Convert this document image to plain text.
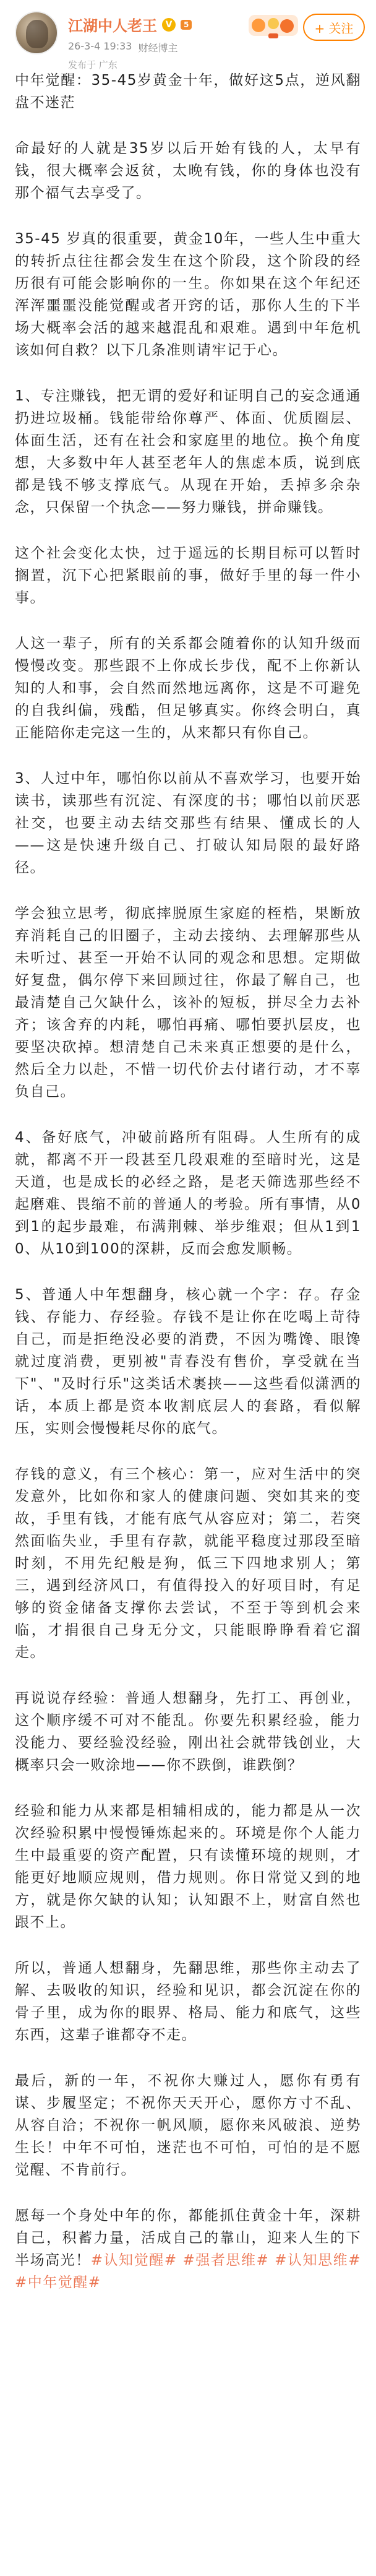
江湖中人老王 V	5
26-3-4 19:33 财经博主
发布于 广东
+ 关注

中年觉醒：35-45岁黄金十年，做好这5点，逆风翻盘不迷茫

命最好的人就是35岁以后开始有钱的人，太早有钱，很大概率会返贫，太晚有钱，你的身体也没有那个福气去享受了。

35-45 岁真的很重要，黄金10年，一些人生中重大的转折点往往都会发生在这个阶段，这个阶段的经历很有可能会影响你的一生。你如果在这个年纪还浑浑噩噩没能觉醒或者开窍的话，那你人生的下半场大概率会活的越来越混乱和艰难。遇到中年危机该如何自救？以下几条准则请牢记于心。

1、专注赚钱，把无谓的爱好和证明自己的妄念通通扔进垃圾桶。钱能带给你尊严、体面、优质圈层、体面生活，还有在社会和家庭里的地位。换个角度想，大多数中年人甚至老年人的焦虑本质，说到底都是钱不够支撑底气。从现在开始，丢掉多余杂念，只保留一个执念——努力赚钱，拼命赚钱。

这个社会变化太快，过于遥远的长期目标可以暂时搁置，沉下心把紧眼前的事，做好手里的每一件小事。

人这一辈子，所有的关系都会随着你的认知升级而慢慢改变。那些跟不上你成长步伐，配不上你新认知的人和事，会自然而然地远离你，这是不可避免的自我纠偏，残酷，但足够真实。你终会明白，真正能陪你走完这一生的，从来都只有你自己。

3、人过中年，哪怕你以前从不喜欢学习，也要开始读书，读那些有沉淀、有深度的书；哪怕以前厌恶社交，也要主动去结交那些有结果、懂成长的人——这是快速升级自己、打破认知局限的最好路径。

学会独立思考，彻底摔脱原生家庭的桎梏，果断放弃消耗自己的旧圈子，主动去接纳、去理解那些从未听过、甚至一开始不认同的观念和思想。定期做好复盘，偶尔停下来回顾过往，你最了解自己，也最清楚自己欠缺什么，该补的短板，拼尽全力去补齐；该舍弃的内耗，哪怕再痛、哪怕要扒层皮，也要坚决砍掉。想清楚自己未来真正想要的是什么，然后全力以赴，不惜一切代价去付诸行动，才不辜负自己。

4、备好底气，冲破前路所有阻碍。人生所有的成就，都离不开一段甚至几段艰难的至暗时光，这是天道，也是成长的必经之路，是老天筛选那些经不起磨难、畏缩不前的普通人的考验。所有事情，从0到1的起步最难，布满荆棘、举步维艰；但从1到10、从10到100的深耕，反而会愈发顺畅。

5、普通人中年想翻身，核心就一个字：存。存金钱、存能力、存经验。存钱不是让你在吃喝上苛待自己，而是拒绝没必要的消费，不因为嘴馋、眼馋就过度消费，更别被"青春没有售价，享受就在当下"、"及时行乐"这类话术裹挟——这些看似潇洒的话，本质上都是资本收割底层人的套路，看似解压，实则会慢慢耗尽你的底气。

存钱的意义，有三个核心：第一，应对生活中的突发意外，比如你和家人的健康问题、突如其来的变故，手里有钱，才能有底气从容应对；第二，若突然面临失业，手里有存款，就能平稳度过那段至暗时刻，不用先纪般是狗，低三下四地求别人；第三，遇到经济风口，有值得投入的好项目时，有足够的资金储备支撑你去尝试，不至于等到机会来临，才捐很自己身无分文，只能眼睁睁看着它溜走。

再说说存经验：普通人想翻身，先打工、再创业，这个顺序缓不可对不能乱。你要先积累经验，能力没能力、要经验没经验，刚出社会就带钱创业，大概率只会一败涂地——你不跌倒，谁跌倒？

经验和能力从来都是相辅相成的，能力都是从一次次经验积累中慢慢锤炼起来的。环境是你个人能力生中最重要的资产配置，只有读懂环境的规则，才能更好地顺应规则，借力规则。你日常觉又到的地方，就是你欠缺的认知；认知跟不上，财富自然也跟不上。

所以，普通人想翻身，先翻思维，那些你主动去了解、去吸收的知识，经验和见识，都会沉淀在你的骨子里，成为你的眼界、格局、能力和底气，这些东西，这辈子谁都夺不走。

最后，新的一年，不祝你大赚过人，愿你有勇有谋、步履坚定；不祝你天天开心，愿你方寸不乱、从容自洽；不祝你一帆风顺，愿你来风破浪、逆势生长！中年不可怕，迷茫也不可怕，可怕的是不愿觉醒、不肯前行。

愿每一个身处中年的你，都能抓住黄金十年，深耕自己，积蓄力量，活成自己的靠山，迎来人生的下半场高光！#认知觉醒# #强者思维# #认知思维# #中年觉醒#
